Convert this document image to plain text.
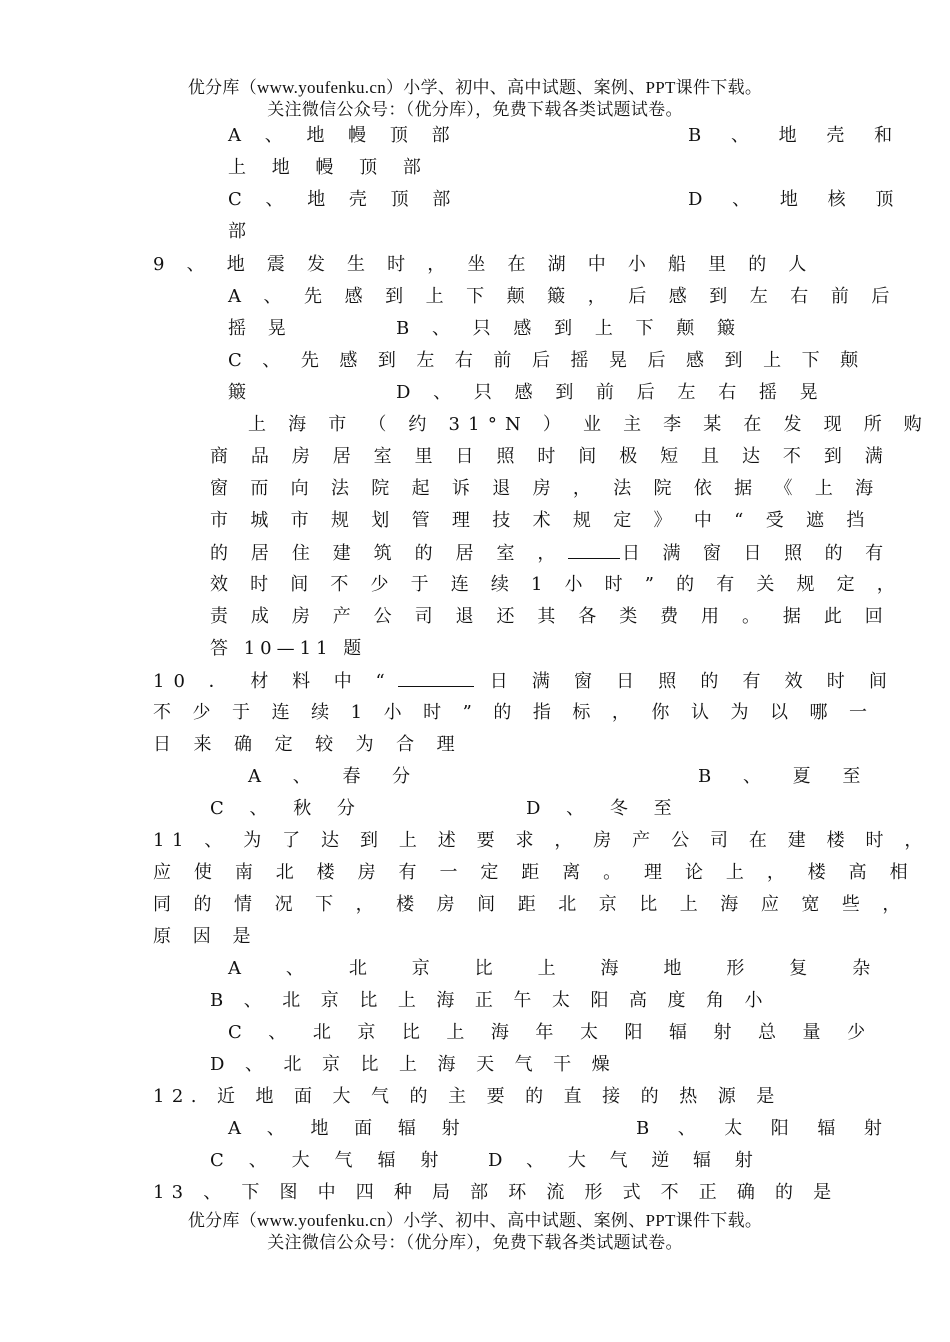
优分库（www.youfenku.cn）小学、初中、高中试题、案例、PPT课件下载。
关注微信公众号：（优分库），免费下载各类试题试卷。
A 、 地 幔 顶 部	B 、 地 壳 和
上 地 幔 顶 部
C 、 地 壳 顶 部	D 、 地 核 顶
部
9 、 地 震 发 生 时 ， 坐 在 湖 中 小 船 里 的 人
A 、 先 感 到 上 下 颠 簸 ， 后 感 到 左 右 前 后
摇 晃	B 、 只 感 到 上 下 颠 簸
C 、 先 感 到 左 右 前 后 摇 晃 后 感 到 上 下 颠
簸	D 、 只 感 到 前 后 左 右 摇 晃
上 海 市 （ 约 31°N ） 业 主 李 某 在 发 现 所 购
商 品 房 居 室 里 日 照 时 间 极 短 且 达 不 到 满
窗 而 向 法 院 起 诉 退 房 ， 法 院 依 据 《 上 海
市 城 市 规 划 管 理 技 术 规 定 》 中 “ 受 遮 挡
的 居 住 建 筑 的 居 室 ，	日 满 窗 日 照 的 有
效 时 间 不 少 于 连 续 1 小 时 ” 的 有 关 规 定 ，
责 成 房 产 公 司 退 还 其 各 类 费 用 。 据 此 回
答 10—11 题
10 ． 材 料 中 “	日 满 窗 日 照 的 有 效 时 间
不 少 于 连 续 1 小 时 ” 的 指 标 ， 你 认 为 以 哪 一
日 来 确 定 较 为 合 理
A 、 春 分	B 、 夏 至
C 、 秋 分	D 、 冬 至
11 、 为 了 达 到 上 述 要 求 ， 房 产 公 司 在 建 楼 时 ，
应 使 南 北 楼 房 有 一 定 距 离 。 理 论 上 ， 楼 高 相
同 的 情 况 下 ， 楼 房 间 距 北 京 比 上 海 应 宽 些 ，
原 因 是
A 、 北 京 比 上 海 地 形 复 杂
B 、 北 京 比 上 海 正 午 太 阳 高 度 角 小
C 、 北 京 比 上 海 年 太 阳 辐 射 总 量 少
D 、 北 京 比 上 海 天 气 干 燥
12. 近 地 面 大 气 的 主 要 的 直 接 的 热 源 是
A 、 地 面 辐 射	B 、 太 阳 辐 射
C 、 大 气 辐 射 D 、 大 气 逆 辐 射
13 、 下 图 中 四 种 局 部 环 流 形 式 不 正 确 的 是
优分库（www.youfenku.cn）小学、初中、高中试题、案例、PPT课件下载。
关注微信公众号：（优分库），免费下载各类试题试卷。
